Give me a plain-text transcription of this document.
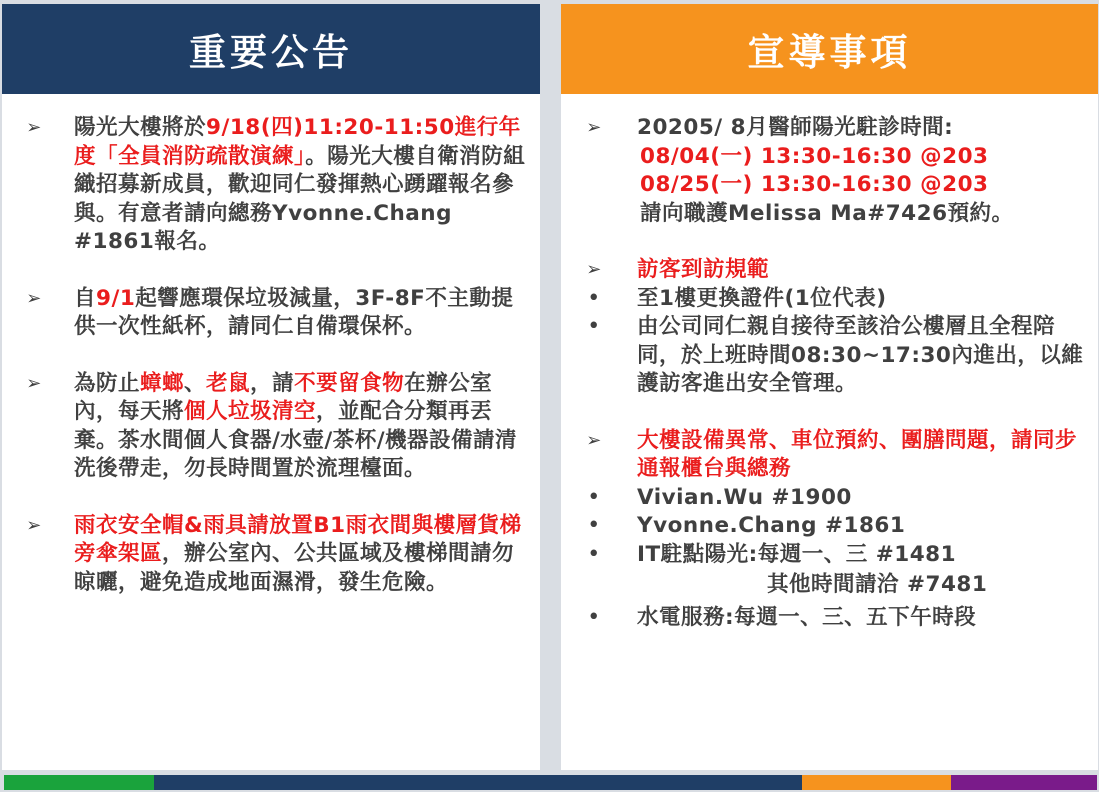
重要公告
➢ 陽光大樓將於9/18(四)11:20-11:50進行年度「全員消防疏散演練」。陽光大樓自衛消防組織招募新成員，歡迎同仁發揮熱心踴躍報名參與。有意者請向總務Yvonne.Chang #1861報名。
➢ 自9/1起響應環保垃圾減量，3F-8F不主動提供一次性紙杯，請同仁自備環保杯。
➢ 為防止蟑螂、老鼠，請不要留食物在辦公室內，每天將個人垃圾清空，並配合分類再丟棄。茶水間個人食器/水壺/茶杯/機器設備請清洗後帶走，勿長時間置於流理檯面。
➢ 雨衣安全帽&雨具請放置B1雨衣間與樓層貨梯旁傘架區，辦公室內、公共區域及樓梯間請勿晾曬，避免造成地面濕滑，發生危險。
宣導事項
➢ 20205/ 8月醫師陽光駐診時間:
08/04(一) 13:30-16:30 @203
08/25(一) 13:30-16:30 @203
請向職護Melissa Ma#7426預約。
➢ 訪客到訪規範
• 至1樓更換證件(1位代表)
• 由公司同仁親自接待至該洽公樓層且全程陪同，於上班時間08:30~17:30內進出，以維護訪客進出安全管理。
➢ 大樓設備異常、車位預約、團膳問題，請同步通報櫃台與總務
• Vivian.Wu #1900
• Yvonne.Chang #1861
• IT駐點陽光:每週一、三 #1481
其他時間請洽 #7481
• 水電服務:每週一、三、五下午時段
